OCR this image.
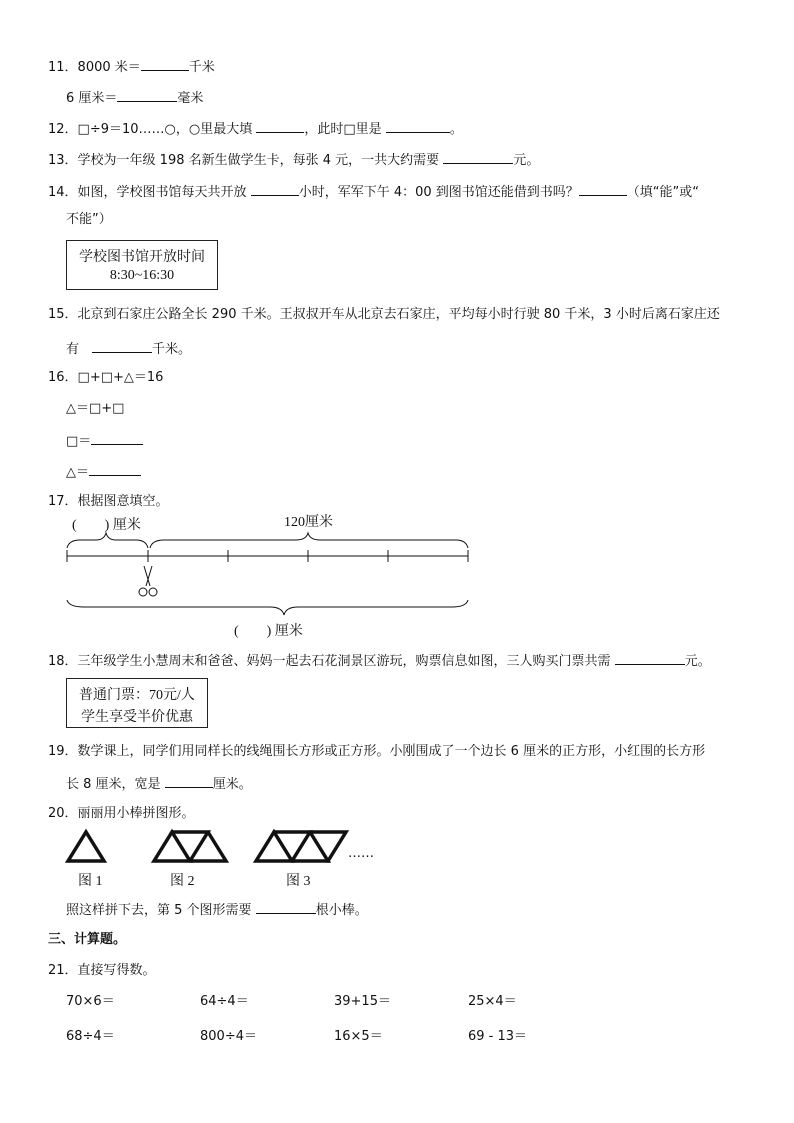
11．8000 米＝	千米
6 厘米＝	毫米
12．□÷9＝10……○，○里最大填	，此时□里是	。
13．学校为一年级 198 名新生做学生卡，每张 4 元，一共大约需要	元。
14．如图，学校图书馆每天共开放	小时，军军下午 4：00 到图书馆还能借到书吗？	（填“能”或“
不能”）
学校图书馆开放时间
8:30~16:30
15．北京到石家庄公路全长 290 千米。王叔叔开车从北京去石家庄，平均每小时行驶 80 千米，3 小时后离石家庄还
有　	千米。
16．□+□+△＝16
△＝□+□
□＝
△＝
17．根据图意填空。
(　　) 厘米	120厘米
(　　) 厘米
18．三年级学生小慧周末和爸爸、妈妈一起去石花洞景区游玩，购票信息如图，三人购买门票共需	元。
普通门票：70元/人
学生享受半价优惠
19．数学课上，同学们用同样长的线绳围长方形或正方形。小刚围成了一个边长 6 厘米的正方形，小红围的长方形
长 8 厘米，宽是	厘米。
20．丽丽用小棒拼图形。
……
图 1	图 2	图 3
照这样拼下去，第 5 个图形需要	根小棒。
三、计算题。
21．直接写得数。
70×6＝	64÷4＝	39+15＝	25×4＝
68÷4＝	800÷4＝	16×5＝	69 - 13＝
